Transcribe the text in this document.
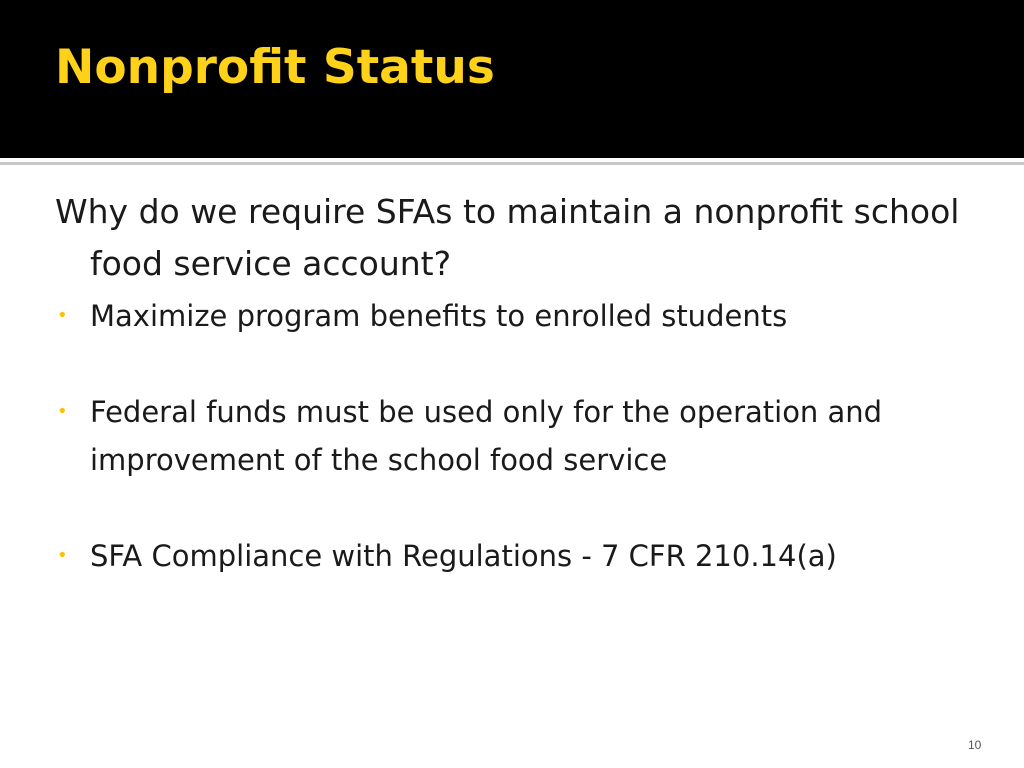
Nonprofit Status

Why do we require SFAs to maintain a nonprofit school food service account?

• Maximize program benefits to enrolled students
• Federal funds must be used only for the operation and improvement of the school food service
• SFA Compliance with Regulations - 7 CFR 210.14(a)
10
